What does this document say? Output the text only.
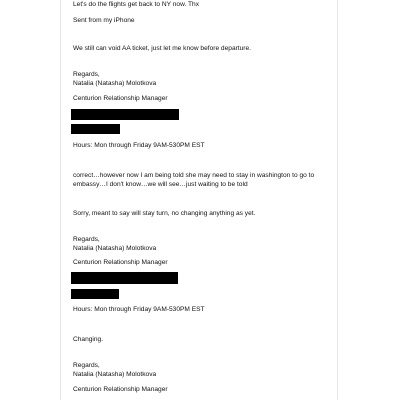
Let's do the flights get back to NY now. Thx
Sent from my iPhone
We still can void AA ticket, just let me know before departure.
Regards,
Natalia (Natasha) Molotkova
Centurion Relationship Manager
Hours: Mon through Friday 9AM-530PM EST
correct…however now I am being told she may need to stay in washington to go to
embassy…I don't know…we will see…just waiting to be told
Sorry, meant to say will stay turn, no changing anything as yet.
Regards,
Natalia (Natasha) Molotkova
Centurion Relationship Manager
Hours: Mon through Friday 9AM-530PM EST
Changing.
Regards,
Natalia (Natasha) Molotkova
Centurion Relationship Manager
